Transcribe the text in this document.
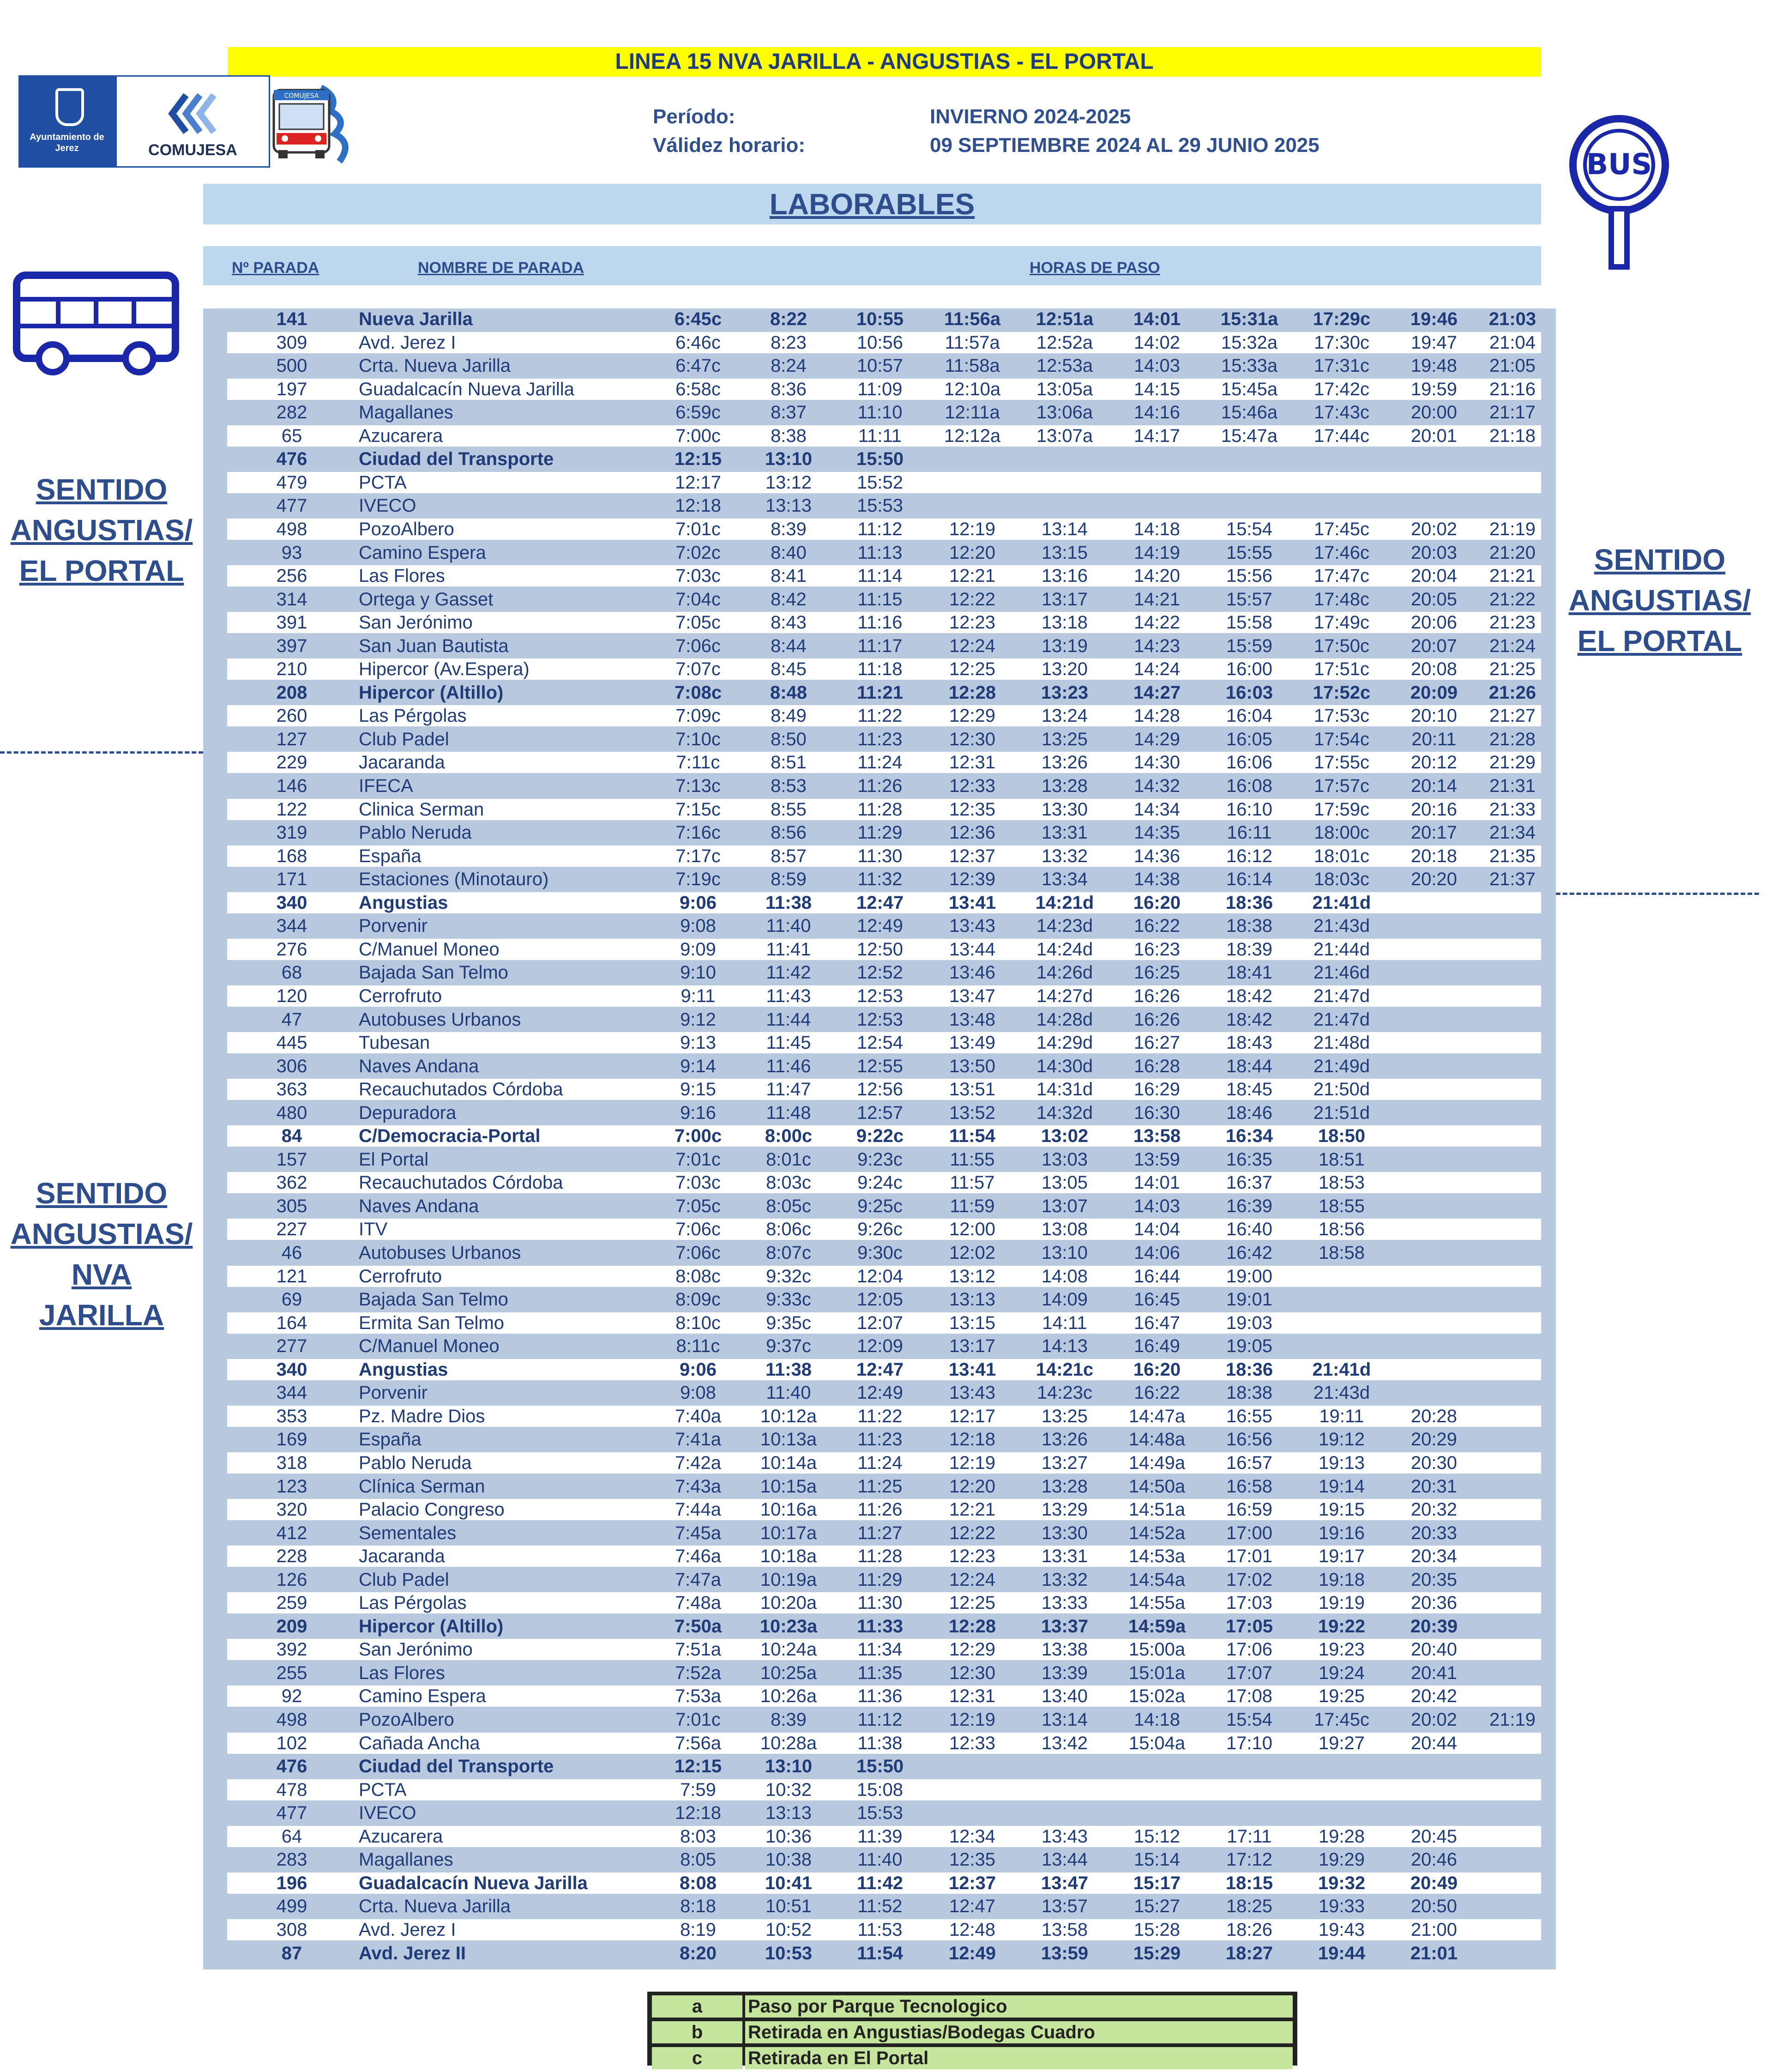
LINEA 15 NVA JARILLA - ANGUSTIAS - EL PORTAL
Ayuntamiento de Jerez	COMUJESA
COMUJESA
Período:	INVIERNO 2024-2025
Válidez horario:	09 SEPTIEMBRE 2024 AL 29 JUNIO 2025
BUS
LABORABLES
Nº PARADA	NOMBRE DE PARADA	HORAS DE PASO
SENTIDO
ANGUSTIAS/
EL PORTAL	SENTIDO
ANGUSTIAS/
EL PORTAL
SENTIDO
ANGUSTIAS/
NVA
JARILLA
141	Nueva Jarilla	6:45c	8:22	10:55	11:56a	12:51a	14:01	15:31a	17:29c	19:46	21:03
309	Avd. Jerez I	6:46c	8:23	10:56	11:57a	12:52a	14:02	15:32a	17:30c	19:47	21:04
500	Crta. Nueva Jarilla	6:47c	8:24	10:57	11:58a	12:53a	14:03	15:33a	17:31c	19:48	21:05
197	Guadalcacín Nueva Jarilla	6:58c	8:36	11:09	12:10a	13:05a	14:15	15:45a	17:42c	19:59	21:16
282	Magallanes	6:59c	8:37	11:10	12:11a	13:06a	14:16	15:46a	17:43c	20:00	21:17
65	Azucarera	7:00c	8:38	11:11	12:12a	13:07a	14:17	15:47a	17:44c	20:01	21:18
476	Ciudad del Transporte	12:15	13:10	15:50
479	PCTA	12:17	13:12	15:52
477	IVECO	12:18	13:13	15:53
498	PozoAlbero	7:01c	8:39	11:12	12:19	13:14	14:18	15:54	17:45c	20:02	21:19
93	Camino Espera	7:02c	8:40	11:13	12:20	13:15	14:19	15:55	17:46c	20:03	21:20
256	Las Flores	7:03c	8:41	11:14	12:21	13:16	14:20	15:56	17:47c	20:04	21:21
314	Ortega y Gasset	7:04c	8:42	11:15	12:22	13:17	14:21	15:57	17:48c	20:05	21:22
391	San Jerónimo	7:05c	8:43	11:16	12:23	13:18	14:22	15:58	17:49c	20:06	21:23
397	San Juan Bautista	7:06c	8:44	11:17	12:24	13:19	14:23	15:59	17:50c	20:07	21:24
210	Hipercor (Av.Espera)	7:07c	8:45	11:18	12:25	13:20	14:24	16:00	17:51c	20:08	21:25
208	Hipercor (Altillo)	7:08c	8:48	11:21	12:28	13:23	14:27	16:03	17:52c	20:09	21:26
260	Las Pérgolas	7:09c	8:49	11:22	12:29	13:24	14:28	16:04	17:53c	20:10	21:27
127	Club Padel	7:10c	8:50	11:23	12:30	13:25	14:29	16:05	17:54c	20:11	21:28
229	Jacaranda	7:11c	8:51	11:24	12:31	13:26	14:30	16:06	17:55c	20:12	21:29
146	IFECA	7:13c	8:53	11:26	12:33	13:28	14:32	16:08	17:57c	20:14	21:31
122	Clinica Serman	7:15c	8:55	11:28	12:35	13:30	14:34	16:10	17:59c	20:16	21:33
319	Pablo Neruda	7:16c	8:56	11:29	12:36	13:31	14:35	16:11	18:00c	20:17	21:34
168	España	7:17c	8:57	11:30	12:37	13:32	14:36	16:12	18:01c	20:18	21:35
171	Estaciones (Minotauro)	7:19c	8:59	11:32	12:39	13:34	14:38	16:14	18:03c	20:20	21:37
340	Angustias	9:06	11:38	12:47	13:41	14:21d	16:20	18:36	21:41d
344	Porvenir	9:08	11:40	12:49	13:43	14:23d	16:22	18:38	21:43d
276	C/Manuel Moneo	9:09	11:41	12:50	13:44	14:24d	16:23	18:39	21:44d
68	Bajada San Telmo	9:10	11:42	12:52	13:46	14:26d	16:25	18:41	21:46d
120	Cerrofruto	9:11	11:43	12:53	13:47	14:27d	16:26	18:42	21:47d
47	Autobuses Urbanos	9:12	11:44	12:53	13:48	14:28d	16:26	18:42	21:47d
445	Tubesan	9:13	11:45	12:54	13:49	14:29d	16:27	18:43	21:48d
306	Naves Andana	9:14	11:46	12:55	13:50	14:30d	16:28	18:44	21:49d
363	Recauchutados Córdoba	9:15	11:47	12:56	13:51	14:31d	16:29	18:45	21:50d
480	Depuradora	9:16	11:48	12:57	13:52	14:32d	16:30	18:46	21:51d
84	C/Democracia-Portal	7:00c	8:00c	9:22c	11:54	13:02	13:58	16:34	18:50
157	El Portal	7:01c	8:01c	9:23c	11:55	13:03	13:59	16:35	18:51
362	Recauchutados Córdoba	7:03c	8:03c	9:24c	11:57	13:05	14:01	16:37	18:53
305	Naves Andana	7:05c	8:05c	9:25c	11:59	13:07	14:03	16:39	18:55
227	ITV	7:06c	8:06c	9:26c	12:00	13:08	14:04	16:40	18:56
46	Autobuses Urbanos	7:06c	8:07c	9:30c	12:02	13:10	14:06	16:42	18:58
121	Cerrofruto	8:08c	9:32c	12:04	13:12	14:08	16:44	19:00
69	Bajada San Telmo	8:09c	9:33c	12:05	13:13	14:09	16:45	19:01
164	Ermita San Telmo	8:10c	9:35c	12:07	13:15	14:11	16:47	19:03
277	C/Manuel Moneo	8:11c	9:37c	12:09	13:17	14:13	16:49	19:05
340	Angustias	9:06	11:38	12:47	13:41	14:21c	16:20	18:36	21:41d
344	Porvenir	9:08	11:40	12:49	13:43	14:23c	16:22	18:38	21:43d
353	Pz. Madre Dios	7:40a	10:12a	11:22	12:17	13:25	14:47a	16:55	19:11	20:28
169	España	7:41a	10:13a	11:23	12:18	13:26	14:48a	16:56	19:12	20:29
318	Pablo Neruda	7:42a	10:14a	11:24	12:19	13:27	14:49a	16:57	19:13	20:30
123	Clínica Serman	7:43a	10:15a	11:25	12:20	13:28	14:50a	16:58	19:14	20:31
320	Palacio Congreso	7:44a	10:16a	11:26	12:21	13:29	14:51a	16:59	19:15	20:32
412	Sementales	7:45a	10:17a	11:27	12:22	13:30	14:52a	17:00	19:16	20:33
228	Jacaranda	7:46a	10:18a	11:28	12:23	13:31	14:53a	17:01	19:17	20:34
126	Club Padel	7:47a	10:19a	11:29	12:24	13:32	14:54a	17:02	19:18	20:35
259	Las Pérgolas	7:48a	10:20a	11:30	12:25	13:33	14:55a	17:03	19:19	20:36
209	Hipercor (Altillo)	7:50a	10:23a	11:33	12:28	13:37	14:59a	17:05	19:22	20:39
392	San Jerónimo	7:51a	10:24a	11:34	12:29	13:38	15:00a	17:06	19:23	20:40
255	Las Flores	7:52a	10:25a	11:35	12:30	13:39	15:01a	17:07	19:24	20:41
92	Camino Espera	7:53a	10:26a	11:36	12:31	13:40	15:02a	17:08	19:25	20:42
498	PozoAlbero	7:01c	8:39	11:12	12:19	13:14	14:18	15:54	17:45c	20:02	21:19
102	Cañada Ancha	7:56a	10:28a	11:38	12:33	13:42	15:04a	17:10	19:27	20:44
476	Ciudad del Transporte	12:15	13:10	15:50
478	PCTA	7:59	10:32	15:08
477	IVECO	12:18	13:13	15:53
64	Azucarera	8:03	10:36	11:39	12:34	13:43	15:12	17:11	19:28	20:45
283	Magallanes	8:05	10:38	11:40	12:35	13:44	15:14	17:12	19:29	20:46
196	Guadalcacín Nueva Jarilla	8:08	10:41	11:42	12:37	13:47	15:17	18:15	19:32	20:49
499	Crta. Nueva Jarilla	8:18	10:51	11:52	12:47	13:57	15:27	18:25	19:33	20:50
308	Avd. Jerez I	8:19	10:52	11:53	12:48	13:58	15:28	18:26	19:43	21:00
87	Avd. Jerez II	8:20	10:53	11:54	12:49	13:59	15:29	18:27	19:44	21:01
a	Paso por Parque Tecnologico
b	Retirada en Angustias/Bodegas Cuadro
c	Retirada en El Portal
